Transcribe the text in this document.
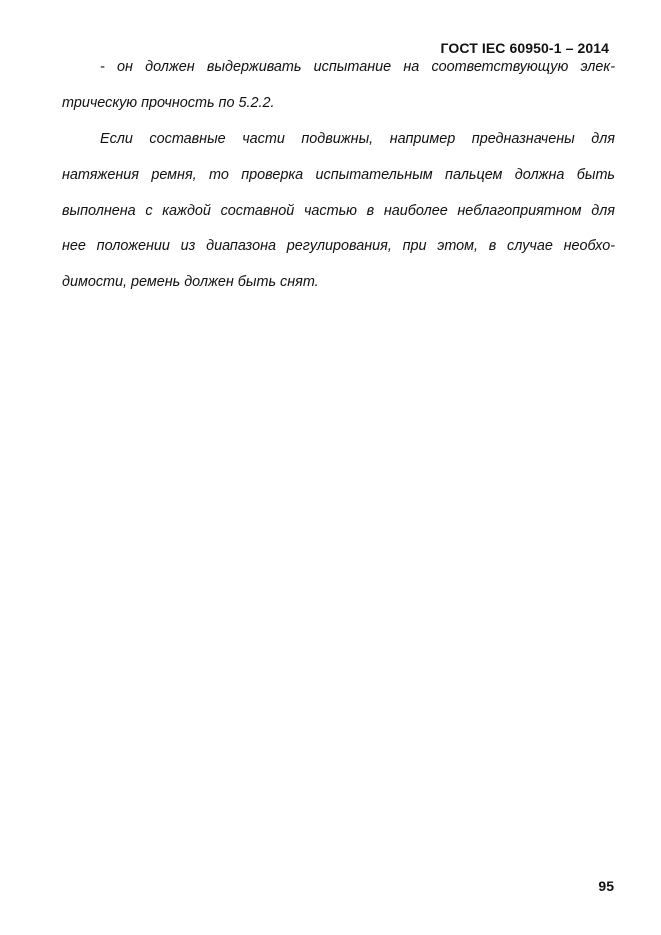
ГОСТ IEC 60950-1 – 2014
- он должен выдерживать испытание на соответствующую элек-
трическую прочность по 5.2.2.
Если составные части подвижны, например предназначены для
натяжения ремня, то проверка испытательным пальцем должна быть
выполнена с каждой составной частью в наиболее неблагоприятном для
нее положении из диапазона регулирования, при этом, в случае необхо-
димости, ремень должен быть снят.
95
